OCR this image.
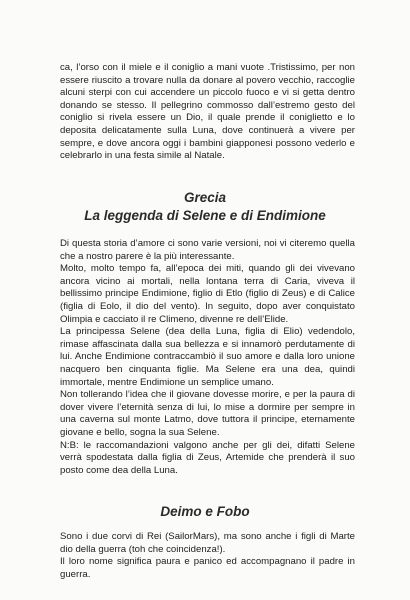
ca, l’orso con il miele e il coniglio a mani vuote .Tristissimo, per non essere riuscito a trovare nulla da donare al povero vecchio, raccoglie alcuni sterpi con cui accendere un piccolo fuoco e vi si getta dentro donando se stesso. Il pellegrino commosso dall’estremo gesto del coniglio si rivela essere un Dio, il quale prende il coniglietto e lo deposita delicatamente sulla Luna, dove continuerà a vivere per sempre, e dove ancora oggi i bambini giapponesi possono vederlo e celebrarlo in una festa simile al Natale.

Grecia
La leggenda di Selene e di Endimione

Di questa storia d’amore ci sono varie versioni, noi vi citeremo quella che a nostro parere è la più interessante.

Molto, molto tempo fa, all’epoca dei miti, quando gli dei vivevano ancora vicino ai mortali, nella lontana terra di Caria, viveva il bellissimo principe Endimione, figlio di Etlo (figlio di Zeus) e di Calice (figlia di Eolo, il dio del vento). In seguito, dopo aver conquistato Olimpia e cacciato il re Climeno, divenne re dell’Elide.

La principessa Selene (dea della Luna, figlia di Elio) vedendolo, rimase affascinata dalla sua bellezza e si innamorò perdutamente di lui. Anche Endimione contraccambiò il suo amore e dalla loro unione nacquero ben cinquanta figlie. Ma Selene era una dea, quindi immortale, mentre Endimione un semplice umano.

Non tollerando l’idea che il giovane dovesse morire, e per la paura di dover vivere l’eternità senza di lui, lo mise a dormire per sempre in una caverna sul monte Latmo, dove tuttora il principe, eternamente giovane e bello, sogna la sua Selene.

N:B: le raccomandazioni valgono anche per gli dei, difatti Selene verrà spodestata dalla figlia di Zeus, Artemide che prenderà il suo posto come dea della Luna.

Deimo e Fobo

Sono i due corvi di Rei (SailorMars), ma sono anche i figli di Marte dio della guerra (toh che coincidenza!).

Il loro nome significa paura e panico ed accompagnano il padre in guerra.
